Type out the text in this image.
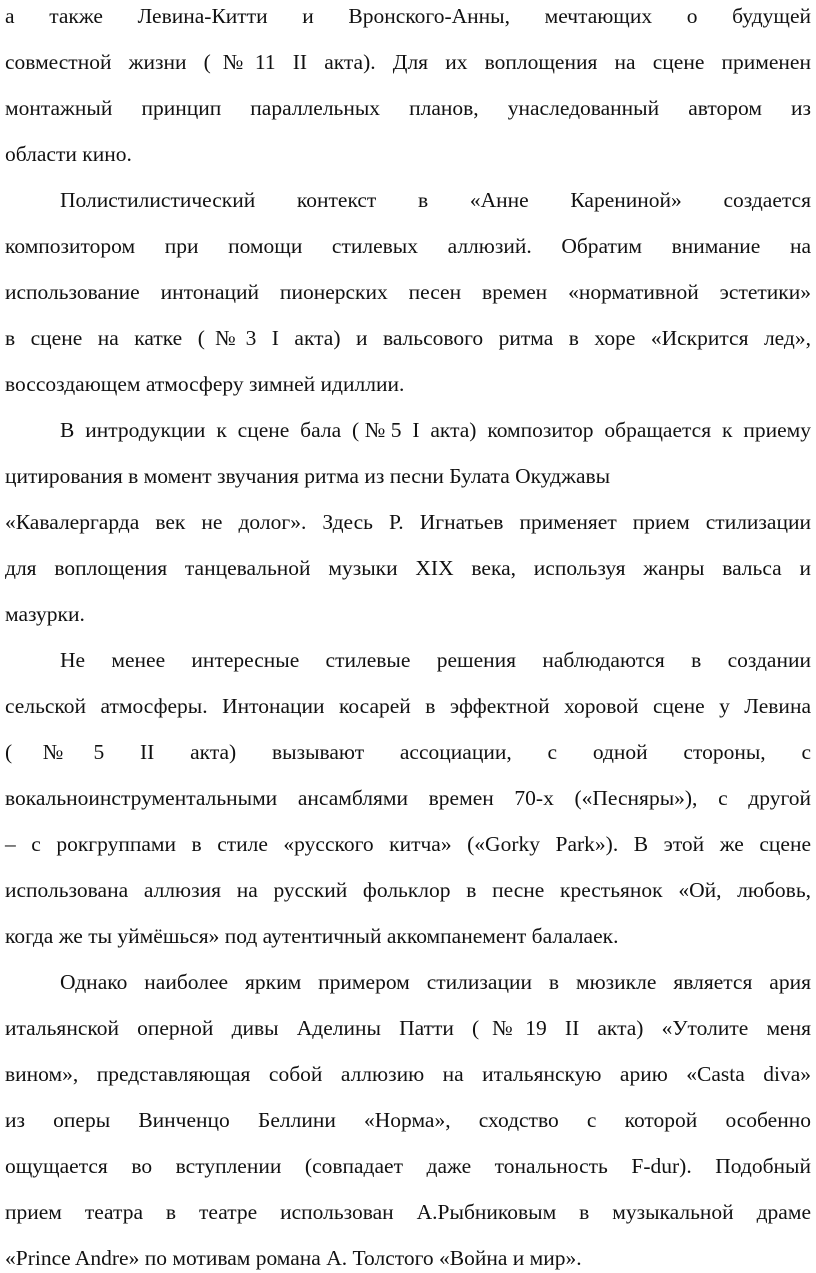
а также Левина-Китти и Вронского-Анны, мечтающих о будущей
совместной жизни (№11 II акта). Для их воплощения на сцене применен
монтажный принцип параллельных планов, унаследованный автором из
области кино.
Полистилистический контекст в «Анне Карениной» создается
композитором при помощи стилевых аллюзий. Обратим внимание на
использование интонаций пионерских песен времен «нормативной эстетики»
в сцене на катке (№3 I акта) и вальсового ритма в хоре «Искрится лед»,
воссоздающем атмосферу зимней идиллии.
В интродукции к сцене бала (№5 I акта) композитор обращается к приему
цитирования в момент звучания ритма из песни Булата Окуджавы
«Кавалергарда век не долог». Здесь Р. Игнатьев применяет прием стилизации
для воплощения танцевальной музыки XIX века, используя жанры вальса и
мазурки.
Не менее интересные стилевые решения наблюдаются в создании
сельской атмосферы. Интонации косарей в эффектной хоровой сцене у Левина
(№5 II акта) вызывают ассоциации, с одной стороны, с
вокальноинструментальными ансамблями времен 70-х («Песняры»), с другой
– с рокгруппами в стиле «русского китча» («Gorky Park»). В этой же сцене
использована аллюзия на русский фольклор в песне крестьянок «Ой, любовь,
когда же ты уймёшься» под аутентичный аккомпанемент балалаек.
Однако наиболее ярким примером стилизации в мюзикле является ария
итальянской оперной дивы Аделины Патти (№19 II акта) «Утолите меня
вином», представляющая собой аллюзию на итальянскую арию «Casta diva»
из оперы Винченцо Беллини «Норма», сходство с которой особенно
ощущается во вступлении (совпадает даже тональность F-dur). Подобный
прием театра в театре использован А.Рыбниковым в музыкальной драме
«Prince Andre» по мотивам романа А. Толстого «Война и мир».
